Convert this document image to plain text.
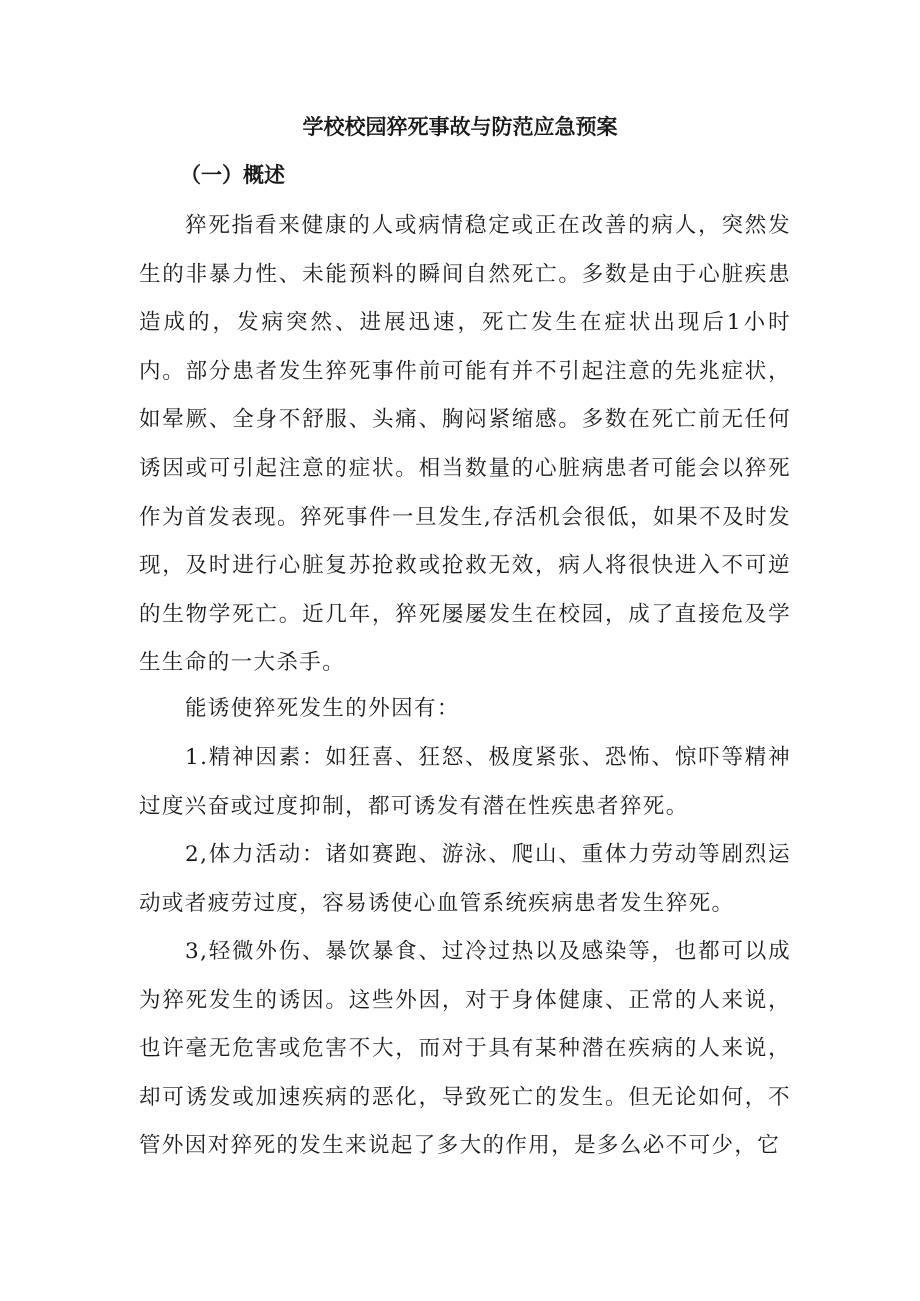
学校校园猝死事故与防范应急预案
（一）概述

猝死指看来健康的人或病情稳定或正在改善的病人，突然发生的非暴力性、未能预料的瞬间自然死亡。多数是由于心脏疾患造成的，发病突然、进展迅速，死亡发生在症状出现后1小时内。部分患者发生猝死事件前可能有并不引起注意的先兆症状，如晕厥、全身不舒服、头痛、胸闷紧缩感。多数在死亡前无任何诱因或可引起注意的症状。相当数量的心脏病患者可能会以猝死作为首发表现。猝死事件一旦发生,存活机会很低，如果不及时发现，及时进行心脏复苏抢救或抢救无效，病人将很快进入不可逆的生物学死亡。近几年，猝死屡屡发生在校园，成了直接危及学生生命的一大杀手。

能诱使猝死发生的外因有：

1.精神因素：如狂喜、狂怒、极度紧张、恐怖、惊吓等精神过度兴奋或过度抑制，都可诱发有潜在性疾患者猝死。

2,体力活动：诸如赛跑、游泳、爬山、重体力劳动等剧烈运动或者疲劳过度，容易诱使心血管系统疾病患者发生猝死。

3,轻微外伤、暴饮暴食、过冷过热以及感染等，也都可以成为猝死发生的诱因。这些外因，对于身体健康、正常的人来说，也许毫无危害或危害不大，而对于具有某种潜在疾病的人来说，却可诱发或加速疾病的恶化，导致死亡的发生。但无论如何，不管外因对猝死的发生来说起了多大的作用，是多么必不可少，它
